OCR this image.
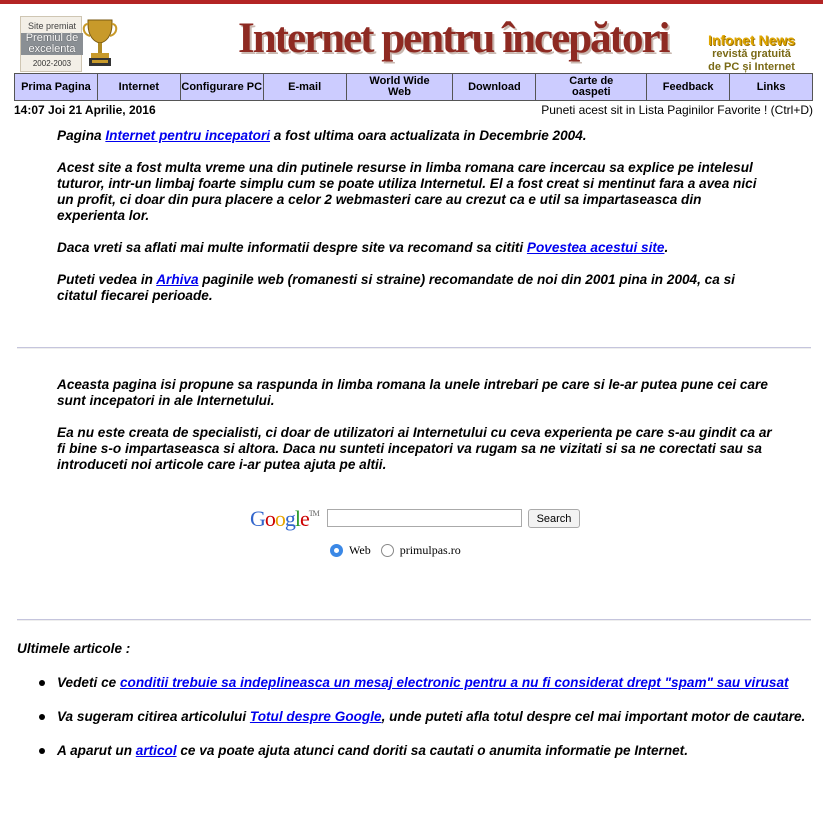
Site premiat
Premiul de excelenta
2002-2003
Internet pentru începători	Infonet News
revistă gratuită
de PC și Internet
Prima Pagina	Internet	Configurare PC	E-mail	World Wide Web	Download	Carte de oaspeti	Feedback	Links
14:07 Joi 21 Aprilie, 2016	Puneti acest sit in Lista Paginilor Favorite ! (Ctrl+D)

Pagina Internet pentru incepatori a fost ultima oara actualizata in Decembrie 2004.

Acest site a fost multa vreme una din putinele resurse in limba romana care incercau sa explice pe intelesul tuturor, intr-un limbaj foarte simplu cum se poate utiliza Internetul. El a fost creat si mentinut fara a avea nici un profit, ci doar din pura placere a celor 2 webmasteri care au crezut ca e util sa impartaseasca din experienta lor.

Daca vreti sa aflati mai multe informatii despre site va recomand sa cititi Povestea acestui site.

Puteti vedea in Arhiva paginile web (romanesti si straine) recomandate de noi din 2001 pina in 2004, ca si citatul fiecarei perioade.

Aceasta pagina isi propune sa raspunda in limba romana la unele intrebari pe care si le-ar putea pune cei care sunt incepatori in ale Internetului.

Ea nu este creata de specialisti, ci doar de utilizatori ai Internetului cu ceva experienta pe care s-au gindit ca ar fi bine s-o impartaseasca si altora. Daca nu sunteti incepatori va rugam sa ne vizitati si sa ne corectati sau sa introduceti noi articole care i-ar putea ajuta pe altii.

Google™	Search
Web primulpas.ro
Ultimele articole :
Vedeti ce conditii trebuie sa indeplineasca un mesaj electronic pentru a nu fi considerat drept "spam" sau virusat
Va sugeram citirea articolului Totul despre Google, unde puteti afla totul despre cel mai important motor de cautare.
A aparut un articol ce va poate ajuta atunci cand doriti sa cautati o anumita informatie pe Internet.
